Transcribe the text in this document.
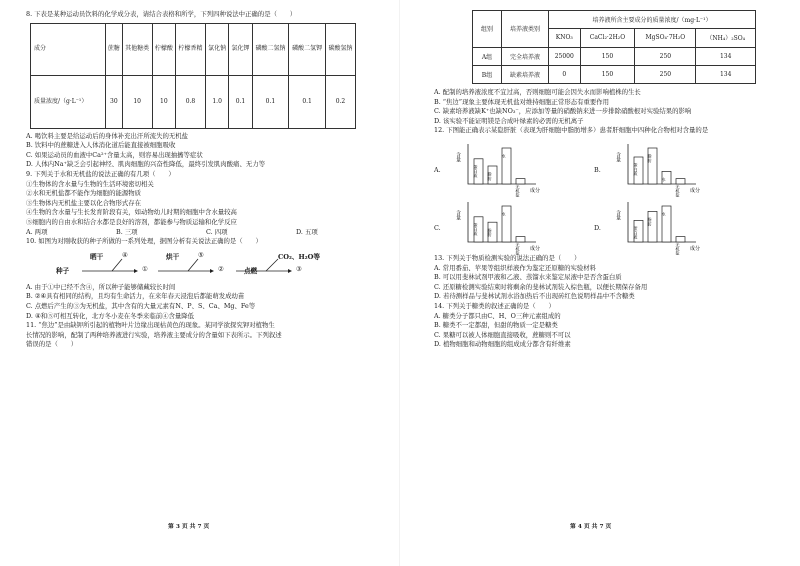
8. 下表是某种运动员饮料的化学成分表，请结合表格和所学，下列四种说法中正确的是（　　）

成分	蔗糖	其他糖类	柠檬酸	柠檬香精	氯化钠	氯化钾	磷酸二氢钠	磷酸二氢钾	碳酸氢钠
质量浓度/（g·L⁻¹）	30	10	10	0.8	1.0	0.1	0.1	0.1	0.2

A. 喝饮料主要是给运动后的身体补充出汗所流失的无机盐

B. 饮料中的蔗糖进入人体消化道后能直接被细胞吸收

C. 如果运动员的血液中Ca²⁺含量太高，则容易出现抽搐等症状

D. 人体内Na⁺缺乏会引起神经、肌肉细胞的兴奋性降低，最终引发肌肉酸痛、无力等

9. 下列关于水和无机盐的说法正确的有几项（　　）

①生物体的含水量与生物的生活环境密切相关

②水和无机盐都不能作为细胞的能源物质

③生物体内无机盐主要以化合物形式存在

④生物的含水量与生长发育阶段有关，如动物幼儿时期的细胞中含水量较高

⑤细胞内的自由水和结合水都是良好的溶剂，都能参与物质运输和化学反应

A. 两项	B. 三项	C. 四项	D. 五项

10. 如图为对刚收获的种子所做的一系列处理，据图分析有关说法正确的是（　　）

种子
晒干	④
①
烘干	⑤
②	点燃
CO₂、H₂O等
③

A. 由于①中已经不含④，所以种子能够储藏较长时间

B. ②④具有相同的结构，且均有生命活力，在来年春天浸泡后都能萌发成幼苗

C. 点燃后产生的③为无机盐，其中含有的大量元素有N、P、S、Ca、Mg、Fe等

D. ④和⑤可相互转化，北方冬小麦在冬季来临前④含量降低

11. “焦边”是由缺钾所引起的植物叶片边缘出现枯黄色的现象。某同学欲探究钾对植物生

长情况的影响，配制了两种培养液进行实验，培养液主要成分的含量如下表所示。下列叙述

错误的是（　　）

第 3 页 共 7 页
组别	培养液类别	培养液所含主要成分的质量浓度/（mg·L⁻¹）			
		KNO₃	CaCl₂·2H₂O	MgSO₄·7H₂O	（NH₄）₂SO₄
A组	完全培养液	25000	150	250	134
B组	缺素培养液	0	150	250	134

A. 配制的培养液浓度不宜过高，否则细胞可能会因失水而影响植株的生长

B. “焦边”现象主要体现无机盐对维持细胞正常形态有重要作用

C. 缺素培养液缺K⁺也缺NO₃⁻，应添加等量的硝酸钠来进一步排除硝酸根对实验结果的影响

D. 该实验不能证明镁是合成叶绿素的必需的无机离子

12. 下图能正确表示某隐肝脏（表现为肝细胞中脂肪增多）患者肝细胞中四种化合物相对含量的是

A.
含量
成分
蛋白质 脂肪
水
无机盐
B.
含量
成分
蛋白质
脂肪
水
无机盐
C.
含量
成分
蛋白质 脂肪
水
无机盐
D.
含量
成分
蛋白质
脂肪
水
无机盐

13. 下列关于物质检测实验的说法正确的是（　　）

A. 常用番茄、苹果等组织样液作为鉴定还原糖的实验材料

B. 可以用斐林试剂甲液和乙液、蒸馏水来鉴定尿液中是否含蛋白质

C. 还原糖检测实验结束时将剩余的斐林试剂装入棕色瓶，以便长期保存备用

D. 若待测样品与斐林试剂水浴加热后不出现砖红色说明样品中不含糖类

14. 下列关于糖类的叙述正确的是（　　）

A. 糖类分子都只由C、H、O三种元素组成的

B. 糖类不一定都甜，但甜的物质一定是糖类

C. 果糖可以被人体细胞直接吸收，蔗糖则不可以

D. 植物细胞和动物细胞的组成成分都含有纤维素

第 4 页 共 7 页
